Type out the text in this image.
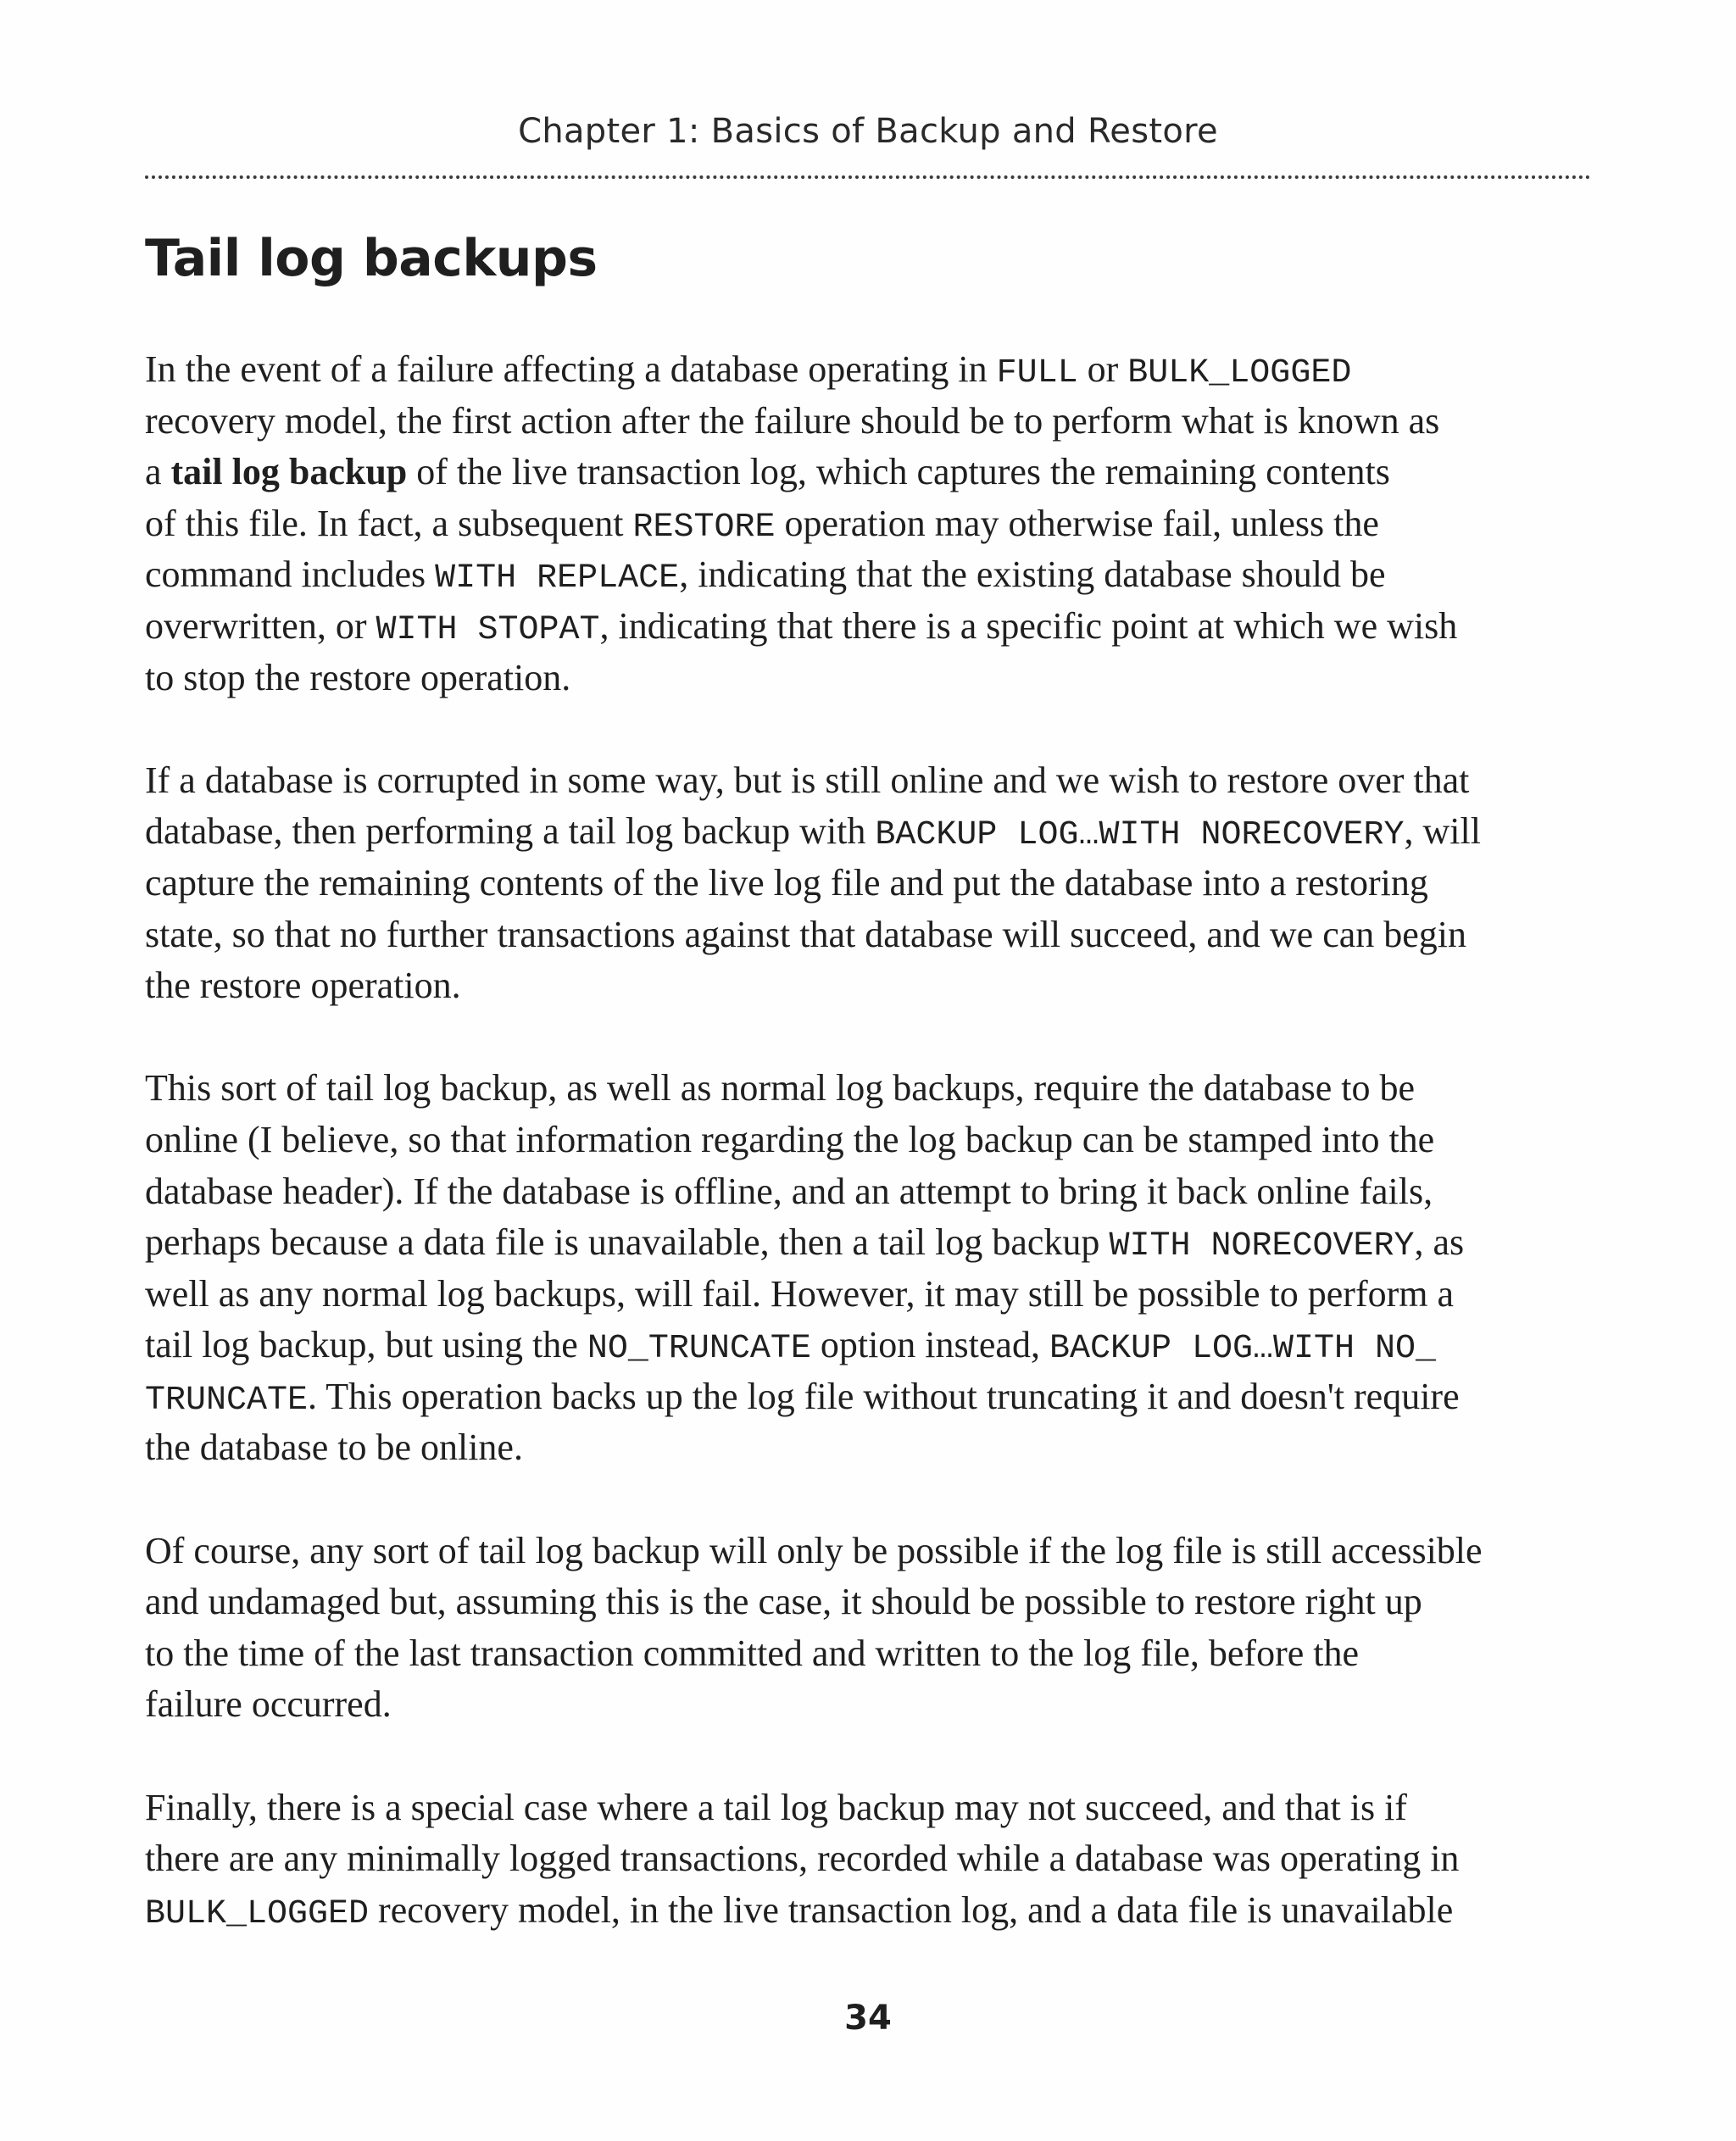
Chapter 1: Basics of Backup and Restore
Tail log backups
In the event of a failure affecting a database operating in FULL or BULK_LOGGED
recovery model, the first action after the failure should be to perform what is known as
a tail log backup of the live transaction log, which captures the remaining contents
of this file. In fact, a subsequent RESTORE operation may otherwise fail, unless the
command includes WITH REPLACE, indicating that the existing database should be
overwritten, or WITH STOPAT, indicating that there is a specific point at which we wish
to stop the restore operation.
If a database is corrupted in some way, but is still online and we wish to restore over that
database, then performing a tail log backup with BACKUP LOG…WITH NORECOVERY, will
capture the remaining contents of the live log file and put the database into a restoring
state, so that no further transactions against that database will succeed, and we can begin
the restore operation.
This sort of tail log backup, as well as normal log backups, require the database to be
online (I believe, so that information regarding the log backup can be stamped into the
database header). If the database is offline, and an attempt to bring it back online fails,
perhaps because a data file is unavailable, then a tail log backup WITH NORECOVERY, as
well as any normal log backups, will fail. However, it may still be possible to perform a
tail log backup, but using the NO_TRUNCATE option instead, BACKUP LOG…WITH NO_
TRUNCATE. This operation backs up the log file without truncating it and doesn't require
the database to be online.
Of course, any sort of tail log backup will only be possible if the log file is still accessible
and undamaged but, assuming this is the case, it should be possible to restore right up
to the time of the last transaction committed and written to the log file, before the
failure occurred.
Finally, there is a special case where a tail log backup may not succeed, and that is if
there are any minimally logged transactions, recorded while a database was operating in
BULK_LOGGED recovery model, in the live transaction log, and a data file is unavailable
34
